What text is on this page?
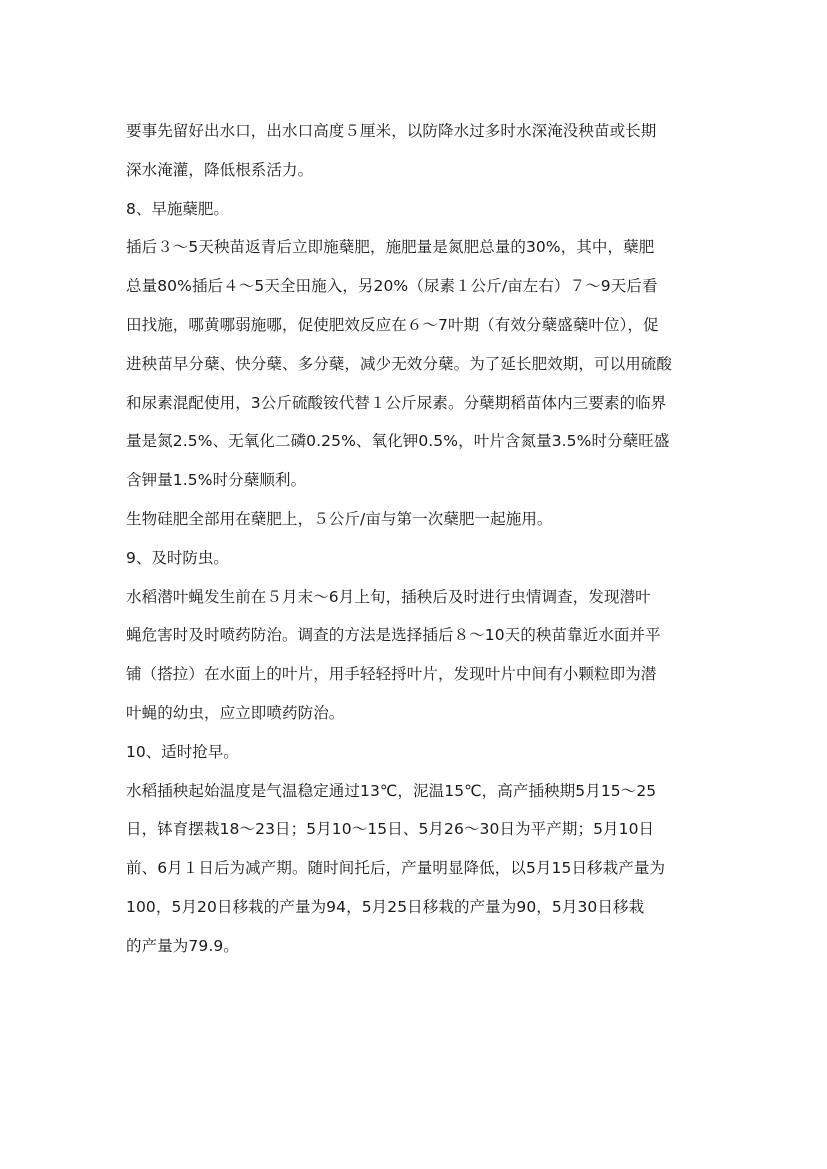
要事先留好出水口，出水口高度５厘米，以防降水过多时水深淹没秧苗或长期
深水淹灌，降低根系活力。
8、早施蘖肥。
插后３～5天秧苗返青后立即施蘖肥，施肥量是氮肥总量的30%，其中，蘖肥
总量80%插后４～5天全田施入，另20%（尿素１公斤/亩左右）７～9天后看
田找施，哪黄哪弱施哪，促使肥效反应在６～7叶期（有效分蘖盛蘖叶位），促
进秧苗早分蘖、快分蘖、多分蘖，减少无效分蘖。为了延长肥效期，可以用硫酸
和尿素混配使用，3公斤硫酸铵代替１公斤尿素。分蘖期稻苗体内三要素的临界
量是氮2.5%、无氧化二磷0.25%、氧化钾0.5%，叶片含氮量3.5%时分蘖旺盛
含钾量1.5%时分蘖顺利。
生物硅肥全部用在蘖肥上，５公斤/亩与第一次蘖肥一起施用。
9、及时防虫。
水稻潜叶蝇发生前在５月末～6月上旬，插秧后及时进行虫情调查，发现潜叶
蝇危害时及时喷药防治。调查的方法是选择插后８～10天的秧苗靠近水面并平
铺（搭拉）在水面上的叶片，用手轻轻捋叶片，发现叶片中间有小颗粒即为潜
叶蝇的幼虫，应立即喷药防治。
10、适时抢早。
水稻插秧起始温度是气温稳定通过13℃，泥温15℃，高产插秧期5月15～25
日，钵育摆栽18～23日；5月10～15日、5月26～30日为平产期；5月10日
前、6月１日后为减产期。随时间托后，产量明显降低，以5月15日移栽产量为
100，5月20日移栽的产量为94，5月25日移栽的产量为90，5月30日移栽
的产量为79.9。
